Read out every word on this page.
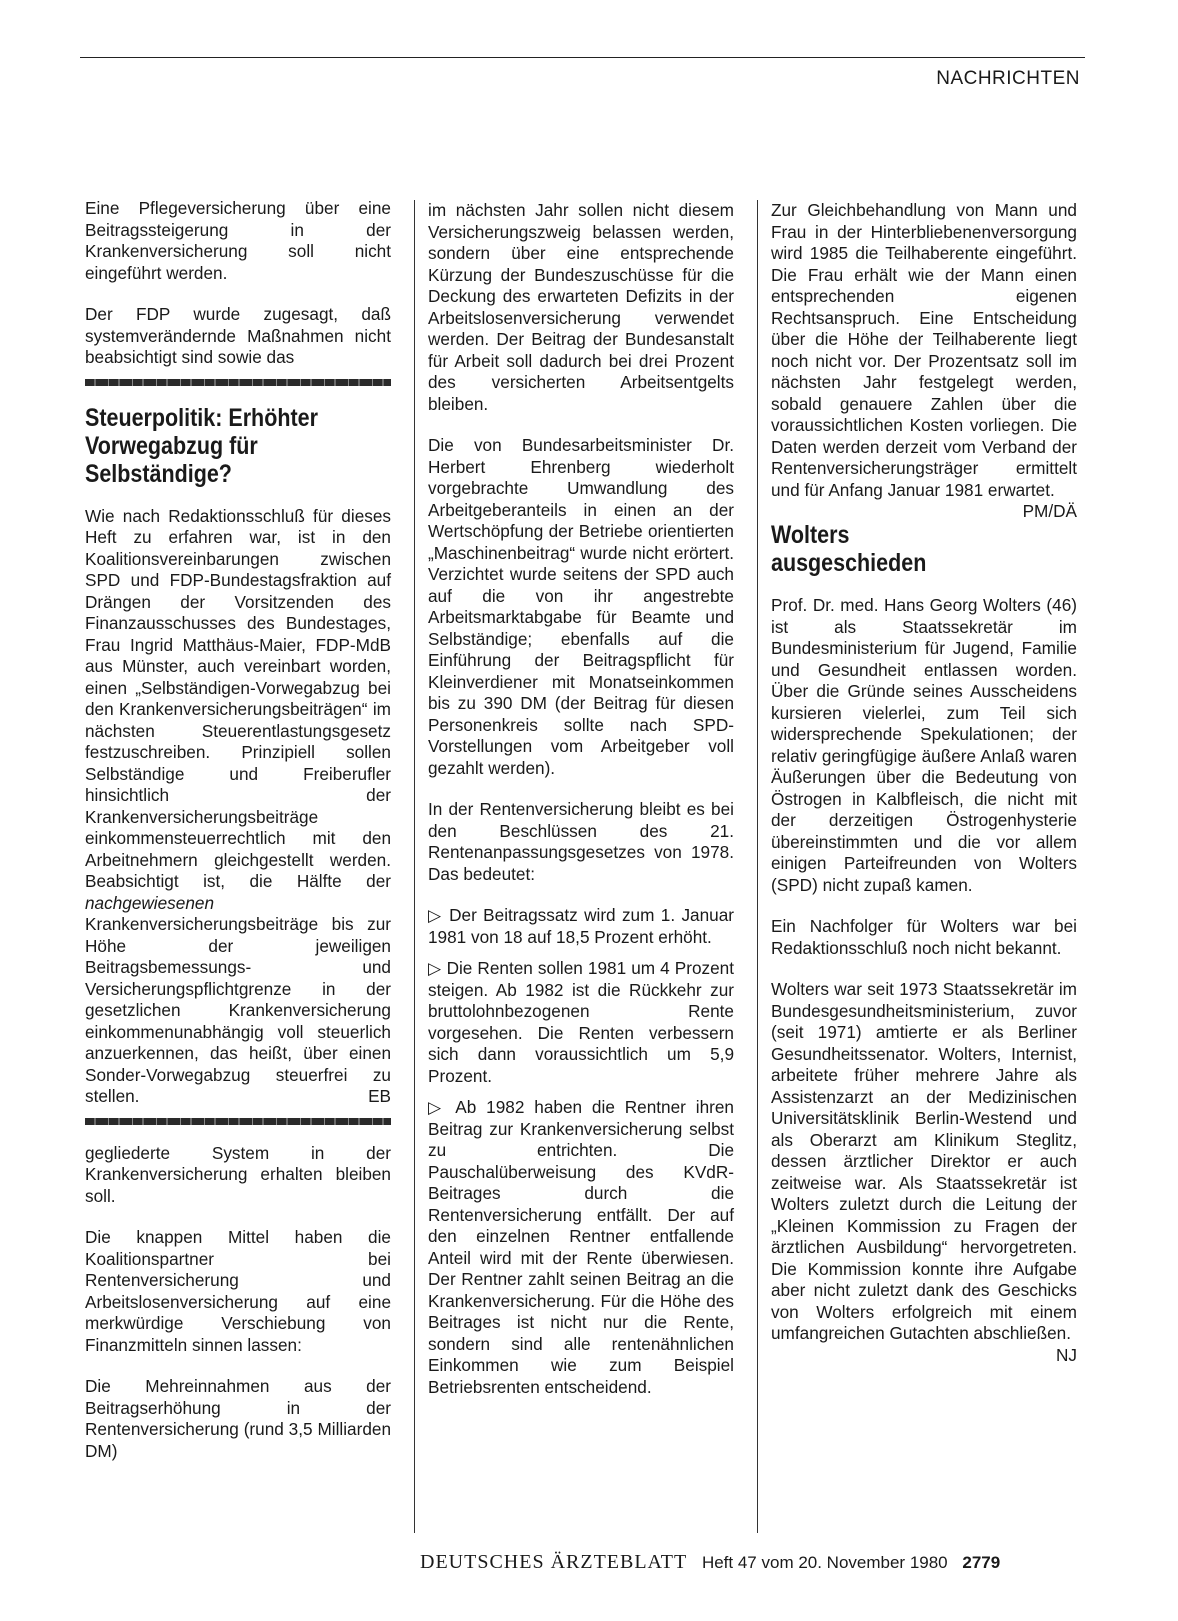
NACHRICHTEN

Eine Pflegeversicherung über eine Beitragssteigerung in der Krankenversicherung soll nicht eingeführt werden.

Der FDP wurde zugesagt, daß systemverändernde Maßnahmen nicht beabsichtigt sind sowie das

Steuerpolitik: Erhöhter Vorwegabzug für Selbständige?

Wie nach Redaktionsschluß für dieses Heft zu erfahren war, ist in den Koalitionsvereinbarungen zwischen SPD und FDP-Bundestagsfraktion auf Drängen der Vorsitzenden des Finanzausschusses des Bundestages, Frau Ingrid Matthäus-Maier, FDP-MdB aus Münster, auch vereinbart worden, einen „Selbständigen-Vorwegabzug bei den Krankenversicherungsbeiträgen“ im nächsten Steuerentlastungsgesetz festzuschreiben. Prinzipiell sollen Selbständige und Freiberufler hinsichtlich der Krankenversicherungsbeiträge einkommensteuerrechtlich mit den Arbeitnehmern gleichgestellt werden. Beabsichtigt ist, die Hälfte der nachgewiesenen Krankenversicherungsbeiträge bis zur Höhe der jeweiligen Beitragsbemessungs- und Versicherungspflichtgrenze in der gesetzlichen Krankenversicherung einkommenunabhängig voll steuerlich anzuerkennen, das heißt, über einen Sonder-Vorwegabzug steuerfrei zu stellen.	EB

gegliederte System in der Krankenversicherung erhalten bleiben soll.

Die knappen Mittel haben die Koalitionspartner bei Rentenversicherung und Arbeitslosenversicherung auf eine merkwürdige Verschiebung von Finanzmitteln sinnen lassen:

Die Mehreinnahmen aus der Beitragserhöhung in der Rentenversicherung (rund 3,5 Milliarden DM)

im nächsten Jahr sollen nicht diesem Versicherungszweig belassen werden, sondern über eine entsprechende Kürzung der Bundeszuschüsse für die Deckung des erwarteten Defizits in der Arbeitslosenversicherung verwendet werden. Der Beitrag der Bundesanstalt für Arbeit soll dadurch bei drei Prozent des versicherten Arbeitsentgelts bleiben.

Die von Bundesarbeitsminister Dr. Herbert Ehrenberg wiederholt vorgebrachte Umwandlung des Arbeitgeberanteils in einen an der Wertschöpfung der Betriebe orientierten „Maschinenbeitrag“ wurde nicht erörtert. Verzichtet wurde seitens der SPD auch auf die von ihr angestrebte Arbeitsmarktabgabe für Beamte und Selbständige; ebenfalls auf die Einführung der Beitragspflicht für Kleinverdiener mit Monatseinkommen bis zu 390 DM (der Beitrag für diesen Personenkreis sollte nach SPD-Vorstellungen vom Arbeitgeber voll gezahlt werden).

In der Rentenversicherung bleibt es bei den Beschlüssen des 21. Rentenanpassungsgesetzes von 1978. Das bedeutet:

▷ Der Beitragssatz wird zum 1. Januar 1981 von 18 auf 18,5 Prozent erhöht.

▷ Die Renten sollen 1981 um 4 Prozent steigen. Ab 1982 ist die Rückkehr zur bruttolohnbezogenen Rente vorgesehen. Die Renten verbessern sich dann voraussichtlich um 5,9 Prozent.

▷ Ab 1982 haben die Rentner ihren Beitrag zur Krankenversicherung selbst zu entrichten. Die Pauschalüberweisung des KVdR-Beitrages durch die Rentenversicherung entfällt. Der auf den einzelnen Rentner entfallende Anteil wird mit der Rente überwiesen. Der Rentner zahlt seinen Beitrag an die Krankenversicherung. Für die Höhe des Beitrages ist nicht nur die Rente, sondern sind alle rentenähnlichen Einkommen wie zum Beispiel Betriebsrenten entscheidend.

Zur Gleichbehandlung von Mann und Frau in der Hinterbliebenenversorgung wird 1985 die Teilhaberente eingeführt. Die Frau erhält wie der Mann einen entsprechenden eigenen Rechtsanspruch. Eine Entscheidung über die Höhe der Teilhaberente liegt noch nicht vor. Der Prozentsatz soll im nächsten Jahr festgelegt werden, sobald genauere Zahlen über die voraussichtlichen Kosten vorliegen. Die Daten werden derzeit vom Verband der Rentenversicherungsträger ermittelt und für Anfang Januar 1981 erwartet.
PM/DÄ

Wolters ausgeschieden

Prof. Dr. med. Hans Georg Wolters (46) ist als Staatssekretär im Bundesministerium für Jugend, Familie und Gesundheit entlassen worden. Über die Gründe seines Ausscheidens kursieren vielerlei, zum Teil sich widersprechende Spekulationen; der relativ geringfügige äußere Anlaß waren Äußerungen über die Bedeutung von Östrogen in Kalbfleisch, die nicht mit der derzeitigen Östrogenhysterie übereinstimmten und die vor allem einigen Parteifreunden von Wolters (SPD) nicht zupaß kamen.

Ein Nachfolger für Wolters war bei Redaktionsschluß noch nicht bekannt.

Wolters war seit 1973 Staatssekretär im Bundesgesundheitsministerium, zuvor (seit 1971) amtierte er als Berliner Gesundheitssenator. Wolters, Internist, arbeitete früher mehrere Jahre als Assistenzarzt an der Medizinischen Universitätsklinik Berlin-Westend und als Oberarzt am Klinikum Steglitz, dessen ärztlicher Direktor er auch zeitweise war. Als Staatssekretär ist Wolters zuletzt durch die Leitung der „Kleinen Kommission zu Fragen der ärztlichen Ausbildung“ hervorgetreten. Die Kommission konnte ihre Aufgabe aber nicht zuletzt dank des Geschicks von Wolters erfolgreich mit einem umfangreichen Gutachten abschließen.
NJ

DEUTSCHES ÄRZTEBLATT Heft 47 vom 20. November 1980 2779
